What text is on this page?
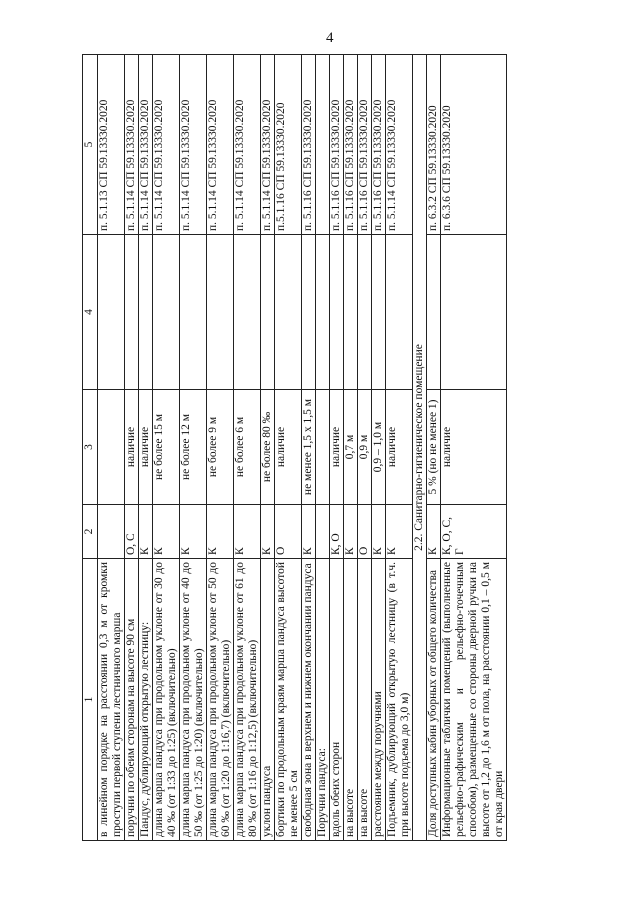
4
1	2	3	4	5
в линейном порядке на расстоянии 0,3 м от кромки проступи первой ступени лестничного марша				п. 5.1.13 СП 59.13330.2020
поручни по обеим сторонам на высоте 90 см	О, С	наличие		п. 5.1.14 СП 59.13330.2020
Пандус, дублирующий открытую лестницу:	К	наличие		п. 5.1.14 СП 59.13330.2020
длина марша пандуса при продольном уклоне от 30 до 40 ‰ (от 1:33 до 1:25) (включительно)	К	не более 15 м		п. 5.1.14 СП 59.13330.2020
длина марша пандуса при продольном уклоне от 40 до 50 ‰ (от 1:25 до 1:20) (включительно)	К	не более 12 м		п. 5.1.14 СП 59.13330.2020
длина марша пандуса при продольном уклоне от 50 до 60 ‰ (от 1:20 до 1:16,7) (включительно)	К	не более 9 м		п. 5.1.14 СП 59.13330.2020
длина марша пандуса при продольном уклоне от 61 до 80 ‰ (от 1:16 до 1:12,5) (включительно)	К	не более 6 м		п. 5.1.14 СП 59.13330.2020
уклон пандуса	К	не более 80 ‰		п. 5.1.14 СП 59.13330.2020
бортики по продольным краям марша пандуса высотой не менее 5 см	О	наличие		п.5.1.16 СП 59.13330.2020
свободная зона в верхнем и нижнем окончании пандуса	К	не менее 1,5 х 1,5 м		п. 5.1.16 СП 59.13330.2020
Поручни пандуса:				
вдоль обеих сторон	К, О	наличие		п. 5.1.16 СП 59.13330.2020
на высоте	К	0,7 м		п. 5.1.16 СП 59.13330.2020
на высоте	О	0,9 м		п. 5.1.16 СП 59.13330.2020
расстояние между поручнями	К	0,9 – 1,0 м		п. 5.1.16 СП 59.13330.2020
Подъемник, дублирующий открытую лестницу (в т.ч. при высоте подъема до 3,0 м)	К	наличие		п. 5.1.14 СП 59.13330.2020
2.2. Санитарно-гигиеническое помещение				
Доля доступных кабин уборных от общего количества	К	5 % (но не менее 1)		п. 6.3.2 СП 59.13330.2020
Информационные таблички помещений (выполненные рельефно-графическим и рельефно-точечным способом), размещенные со стороны дверной ручки на высоте от 1,2 до 1,6 м от пола, на расстоянии 0,1 – 0,5 м от края двери	К, О, С, Г	наличие		п. 6.3.6 СП 59.13330.2020
